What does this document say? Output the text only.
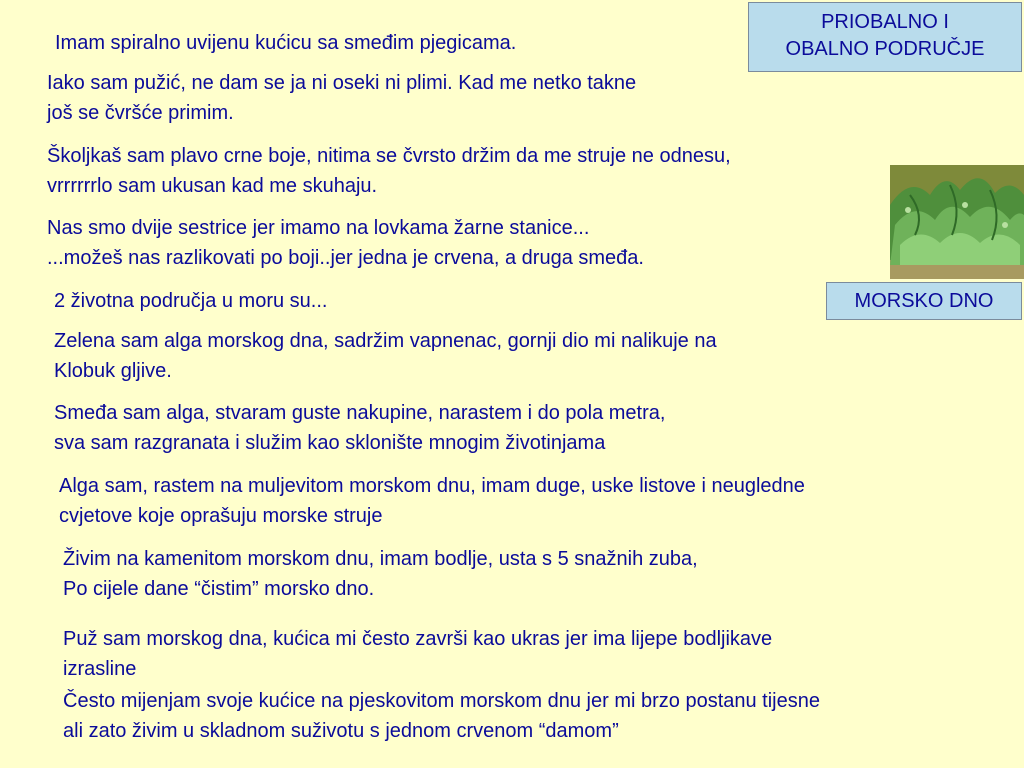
PRIOBALNO I
OBALNO PODRUČJE
MORSKO DNO

Imam spiralno uvijenu kućicu sa smeđim pjegicama.

Iako sam pužić, ne dam se ja ni oseki ni plimi. Kad me netko takne
još se čvršće primim.

Školjkaš sam plavo crne boje, nitima se čvrsto držim da me struje ne odnesu,
vrrrrrrlo sam ukusan kad me skuhaju.

Nas smo dvije sestrice jer imamo na lovkama žarne stanice...
...možeš nas razlikovati po boji..jer jedna je crvena, a druga smeđa.

2 životna područja u moru su...

Zelena sam alga morskog dna, sadržim vapnenac, gornji dio mi nalikuje na
Klobuk gljive.

Smeđa sam alga, stvaram guste nakupine, narastem i do pola metra,
sva sam razgranata i služim kao sklonište mnogim životinjama

Alga sam, rastem na muljevitom morskom dnu, imam duge, uske listove i neugledne
cvjetove koje oprašuju morske struje

Živim na kamenitom morskom dnu, imam bodlje, usta s 5 snažnih zuba,
Po cijele dane “čistim” morsko dno.

Puž sam morskog dna, kućica mi često završi kao ukras jer ima lijepe bodljikave
izrasline

Često mijenjam svoje kućice na pjeskovitom morskom dnu jer mi brzo postanu tijesne
ali zato živim u skladnom suživotu s jednom crvenom “damom”
